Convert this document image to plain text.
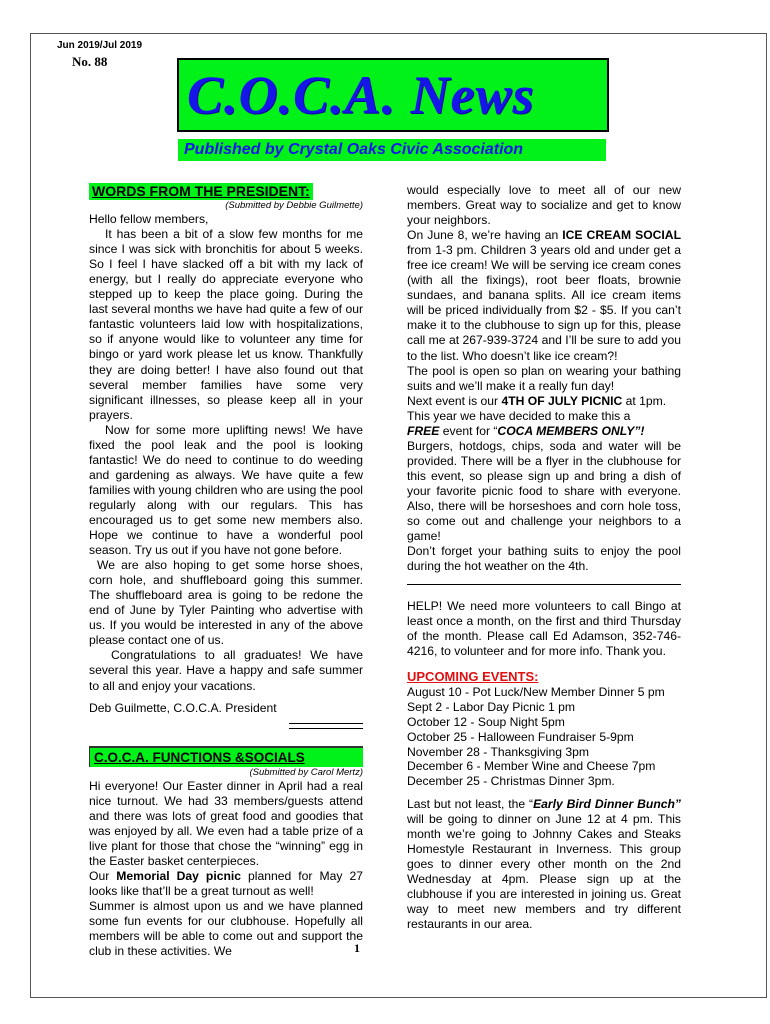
Jun 2019/Jul 2019
No. 88
C.O.C.A. News
Published by Crystal Oaks Civic Association
WORDS FROM THE PRESIDENT:

(Submitted by Debbie Guilmette)

Hello fellow members,

It has been a bit of a slow few months for me since I was sick with bronchitis for about 5 weeks. So I feel I have slacked off a bit with my lack of energy, but I really do appreciate everyone who stepped up to keep the place going. During the last several months we have had quite a few of our fantastic volunteers laid low with hospitalizations, so if anyone would like to volunteer any time for bingo or yard work please let us know. Thankfully they are doing better! I have also found out that several member families have some very significant illnesses, so please keep all in your prayers.

Now for some more uplifting news! We have fixed the pool leak and the pool is looking fantastic! We do need to continue to do weeding and gardening as always. We have quite a few families with young children who are using the pool regularly along with our regulars. This has encouraged us to get some new members also. Hope we continue to have a wonderful pool season. Try us out if you have not gone before.

We are also hoping to get some horse shoes, corn hole, and shuffleboard going this summer. The shuffleboard area is going to be redone the end of June by Tyler Painting who advertise with us. If you would be interested in any of the above please contact one of us.

Congratulations to all graduates! We have several this year. Have a happy and safe summer to all and enjoy your vacations.

Deb Guilmette, C.O.C.A. President

C.O.C.A. FUNCTIONS &SOCIALS

(Submitted by Carol Mertz)

Hi everyone! Our Easter dinner in April had a real nice turnout. We had 33 members/guests attend and there was lots of great food and goodies that was enjoyed by all. We even had a table prize of a live plant for those that chose the “winning” egg in the Easter basket centerpieces.

Our Memorial Day picnic planned for May 27 looks like that’ll be a great turnout as well!

Summer is almost upon us and we have planned some fun events for our clubhouse. Hopefully all members will be able to come out and support the club in these activities. We	1

would especially love to meet all of our new members. Great way to socialize and get to know your neighbors.

On June 8, we’re having an ICE CREAM SOCIAL from 1-3 pm. Children 3 years old and under get a free ice cream! We will be serving ice cream cones (with all the fixings), root beer floats, brownie sundaes, and banana splits. All ice cream items will be priced individually from $2 - $5. If you can’t make it to the clubhouse to sign up for this, please call me at 267-939-3724 and I’ll be sure to add you to the list. Who doesn’t like ice cream?!

The pool is open so plan on wearing your bathing suits and we’ll make it a really fun day!

Next event is our 4TH OF JULY PICNIC at 1pm. This year we have decided to make this a

FREE event for “COCA MEMBERS ONLY”!

Burgers, hotdogs, chips, soda and water will be provided. There will be a flyer in the clubhouse for this event, so please sign up and bring a dish of your favorite picnic food to share with everyone. Also, there will be horseshoes and corn hole toss, so come out and challenge your neighbors to a game!

Don’t forget your bathing suits to enjoy the pool during the hot weather on the 4th.

HELP! We need more volunteers to call Bingo at least once a month, on the first and third Thursday of the month. Please call Ed Adamson, 352-746-4216, to volunteer and for more info. Thank you.

UPCOMING EVENTS:

August 10 - Pot Luck/New Member Dinner 5 pm

Sept 2 - Labor Day Picnic 1 pm

October 12 - Soup Night 5pm

October 25 - Halloween Fundraiser 5-9pm

November 28 - Thanksgiving 3pm

December 6 - Member Wine and Cheese 7pm

December 25 - Christmas Dinner 3pm.

Last but not least, the “Early Bird Dinner Bunch” will be going to dinner on June 12 at 4 pm. This month we’re going to Johnny Cakes and Steaks Homestyle Restaurant in Inverness. This group goes to dinner every other month on the 2nd Wednesday at 4pm. Please sign up at the clubhouse if you are interested in joining us. Great way to meet new members and try different restaurants in our area.
